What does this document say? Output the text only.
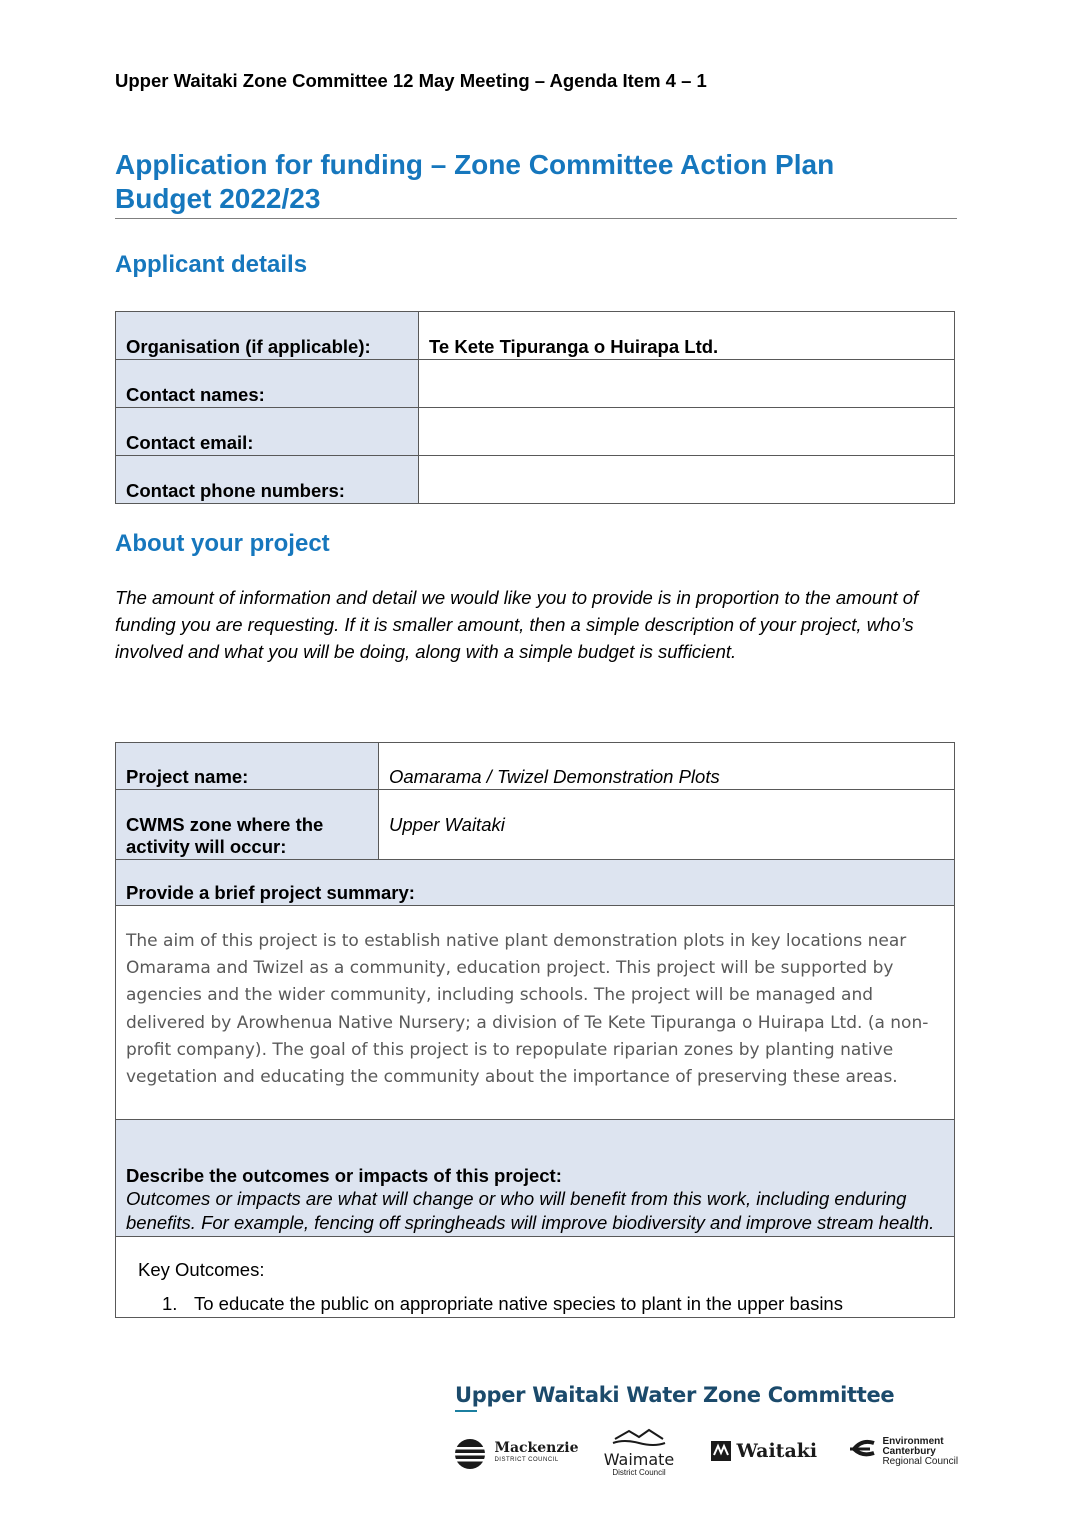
Upper Waitaki Zone Committee 12 May Meeting – Agenda Item 4 – 1
Application for funding – Zone Committee Action Plan
Budget 2022/23
Applicant details
Organisation (if applicable):	Te Kete Tipuranga o Huirapa Ltd.
Contact names:	
Contact email:	
Contact phone numbers:	
About your project
The amount of information and detail we would like you to provide is in proportion to the amount of funding you are requesting. If it is smaller amount, then a simple description of your project, who’s involved and what you will be doing, along with a simple budget is sufficient.
Project name:	Oamarama / Twizel Demonstration Plots
CWMS zone where the activity will occur:	Upper Waitaki
Provide a brief project summary:	
The aim of this project is to establish native plant demonstration plots in key locations near Omarama and Twizel as a community, education project. This project will be supported by agencies and the wider community, including schools. The project will be managed and delivered by Arowhenua Native Nursery; a division of Te Kete Tipuranga o Huirapa Ltd. (a non-profit company). The goal of this project is to repopulate riparian zones by planting native vegetation and educating the community about the importance of preserving these areas.	

Describe the outcomes or impacts of this project:
Outcomes or impacts are what will change or who will benefit from this work, including enduring benefits. For example, fencing off springheads will improve biodiversity and improve stream health.	

Key Outcomes:
1. To educate the public on appropriate native species to plant in the upper basins	
Upper Waitaki Water Zone Committee

Mackenzie
DISTRICT COUNCIL	Waimate
District Council
Waitaki
	Environment
Canterbury
Regional Council
